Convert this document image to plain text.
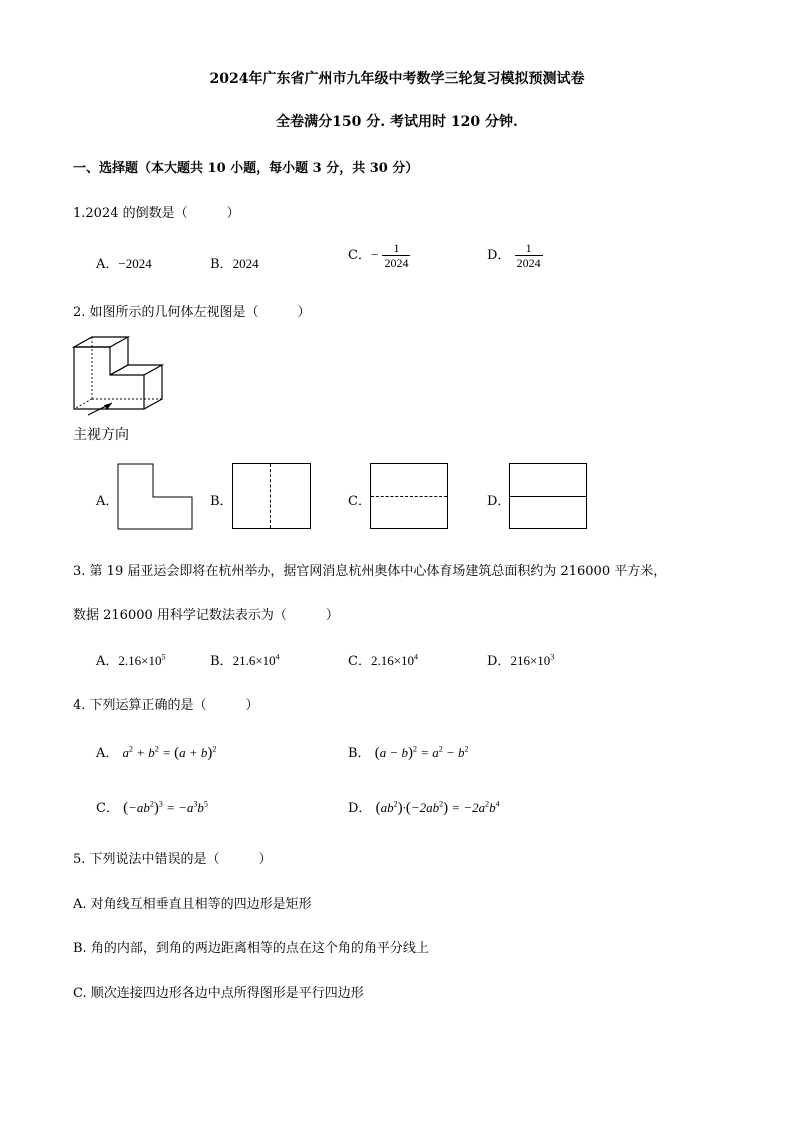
2024年广东省广州市九年级中考数学三轮复习模拟预测试卷
全卷满分150 分. 考试用时 120 分钟.
一、选择题（本大题共 10 小题，每小题 3 分，共 30 分）
1.2024 的倒数是（　　　）
A．−2024	B．2024
C．− $\frac{1}{2024}$	D． $\frac{1}{2024}$
2. 如图所示的几何体左视图是（　　　）
主视方向
A．	B．	C．	D．
3. 第 19 届亚运会即将在杭州举办，据官网消息杭州奥体中心体育场建筑总面积约为 216000 平方米，
数据 216000 用科学记数法表示为（　　　）
A．$2.16\times 10^5$	B．$21.6\times 10^4$	C．$2.16\times 10^4$	D．$216\times 10^3$
4. 下列运算正确的是（　　　）
A． $a^2 + b^2 = (a + b)^2$	B． $(a - b)^2 = a^2 - b^2$
C． $(-ab^2)^3 = -a^3b^5$	D． $(ab^2)\cdot(-2ab^2) = -2a^2b^4$
5. 下列说法中错误的是（　　　）
A. 对角线互相垂直且相等的四边形是矩形
B. 角的内部，到角的两边距离相等的点在这个角的角平分线上
C. 顺次连接四边形各边中点所得图形是平行四边形
